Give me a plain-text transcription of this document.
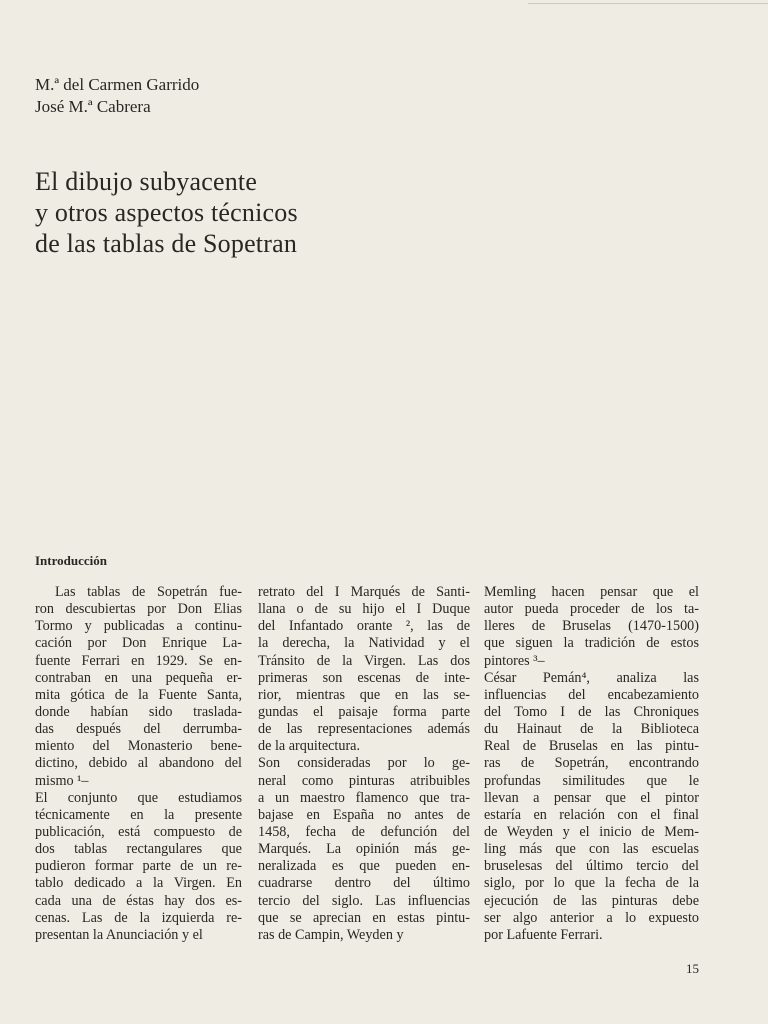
M.ª del Carmen Garrido
José M.ª Cabrera
El dibujo subyacente
y otros aspectos técnicos
de las tablas de Sopetran
Introducción
Las tablas de Sopetrán fue-
ron descubiertas por Don Elias
Tormo y publicadas a continu-
cación por Don Enrique La-
fuente Ferrari en 1929. Se en-
contraban en una pequeña er-
mita gótica de la Fuente Santa,
donde habían sido traslada-
das después del derrumba-
miento del Monasterio bene-
dictino, debido al abandono del
mismo ¹–
El conjunto que estudiamos
técnicamente en la presente
publicación, está compuesto de
dos tablas rectangulares que
pudieron formar parte de un re-
tablo dedicado a la Virgen. En
cada una de éstas hay dos es-
cenas. Las de la izquierda re-
presentan la Anunciación y el
retrato del I Marqués de Santi-
llana o de su hijo el I Duque
del Infantado orante ², las de
la derecha, la Natividad y el
Tránsito de la Virgen. Las dos
primeras son escenas de inte-
rior, mientras que en las se-
gundas el paisaje forma parte
de las representaciones además
de la arquitectura.
Son consideradas por lo ge-
neral como pinturas atribuibles
a un maestro flamenco que tra-
bajase en España no antes de
1458, fecha de defunción del
Marqués. La opinión más ge-
neralizada es que pueden en-
cuadrarse dentro del último
tercio del siglo. Las influencias
que se aprecian en estas pintu-
ras de Campin, Weyden y
Memling hacen pensar que el
autor pueda proceder de los ta-
lleres de Bruselas (1470-1500)
que siguen la tradición de estos
pintores ³–
César Pemán⁴, analiza las
influencias del encabezamiento
del Tomo I de las Chroniques
du Hainaut de la Biblioteca
Real de Bruselas en las pintu-
ras de Sopetrán, encontrando
profundas similitudes que le
llevan a pensar que el pintor
estaría en relación con el final
de Weyden y el inicio de Mem-
ling más que con las escuelas
bruselesas del último tercio del
siglo, por lo que la fecha de la
ejecución de las pinturas debe
ser algo anterior a lo expuesto
por Lafuente Ferrari.
15
